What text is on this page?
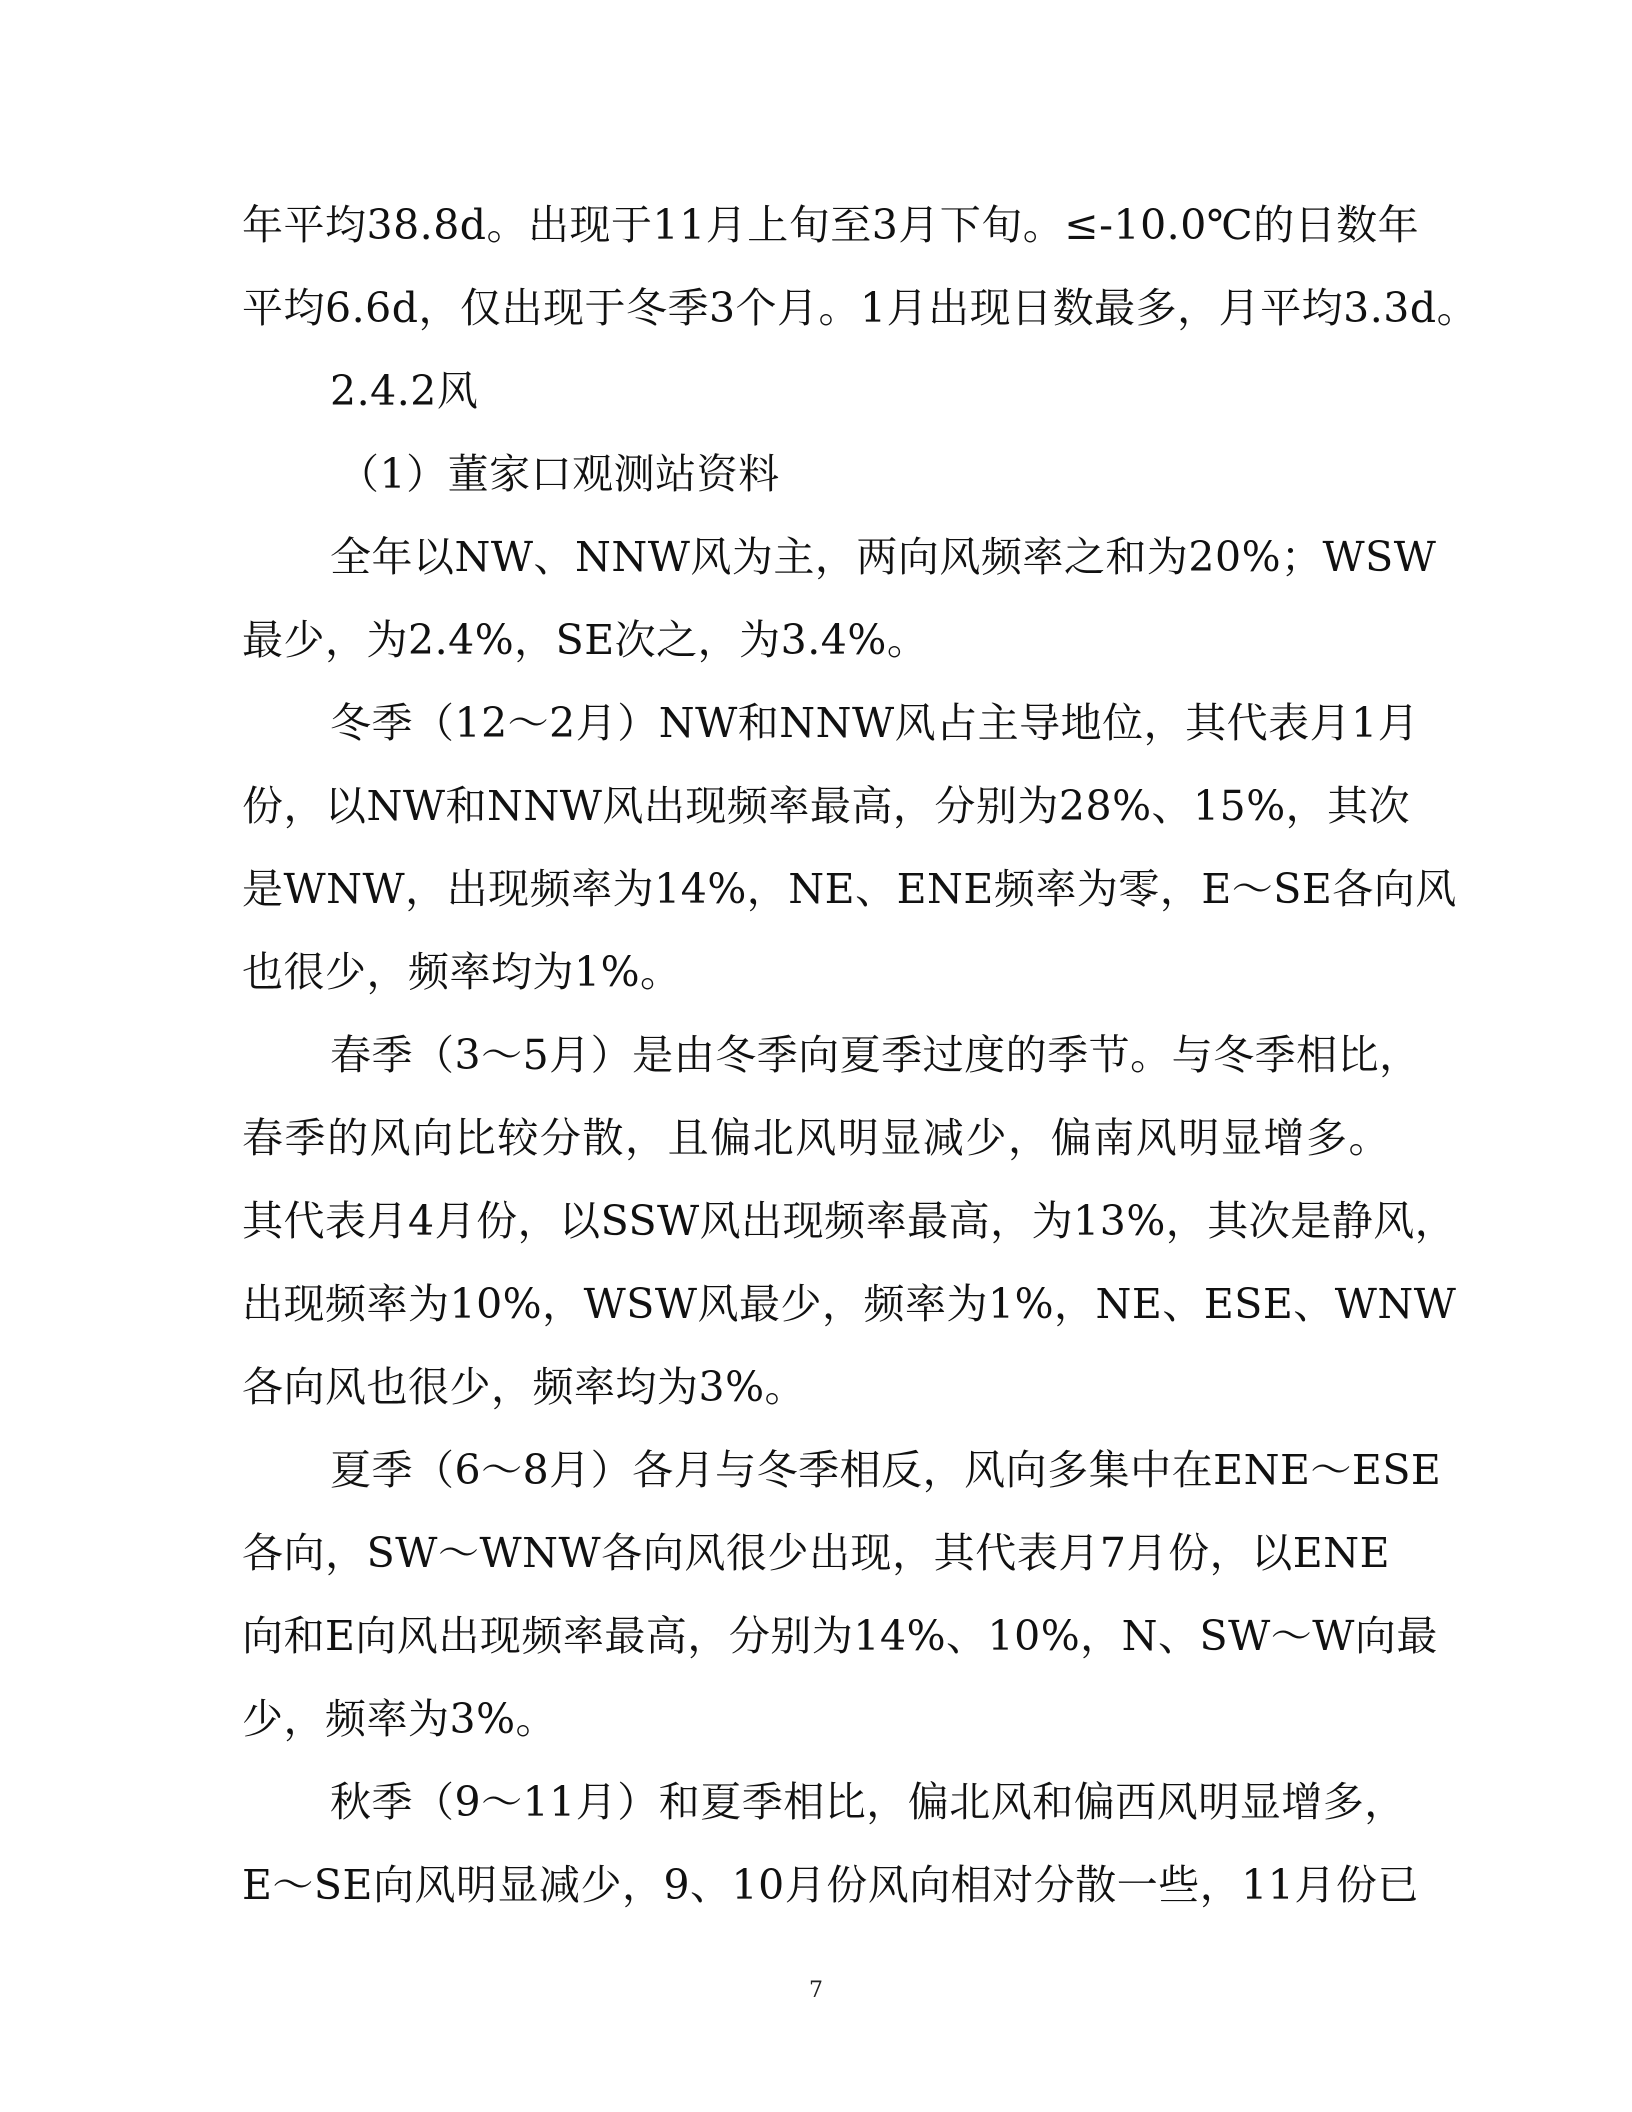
年平均38.8d。出现于11月上旬至3月下旬。≤-10.0℃的日数年
平均6.6d，仅出现于冬季3个月。1月出现日数最多，月平均3.3d。
2.4.2风
（1）董家口观测站资料
全年以NW、NNW风为主，两向风频率之和为20%；WSW
最少，为2.4%，SE次之，为3.4%。
冬季（12～2月）NW和NNW风占主导地位，其代表月1月
份，以NW和NNW风出现频率最高，分别为28%、15%，其次
是WNW，出现频率为14%，NE、ENE频率为零，E～SE各向风
也很少，频率均为1%。
春季（3～5月）是由冬季向夏季过度的季节。与冬季相比，
春季的风向比较分散，且偏北风明显减少，偏南风明显增多。
其代表月4月份，以SSW风出现频率最高，为13%，其次是静风，
出现频率为10%，WSW风最少，频率为1%，NE、ESE、WNW
各向风也很少，频率均为3%。
夏季（6～8月）各月与冬季相反，风向多集中在ENE～ESE
各向，SW～WNW各向风很少出现，其代表月7月份，以ENE
向和E向风出现频率最高，分别为14%、10%，N、SW～W向最
少，频率为3%。
秋季（9～11月）和夏季相比，偏北风和偏西风明显增多，
E～SE向风明显减少，9、10月份风向相对分散一些，11月份已
7
